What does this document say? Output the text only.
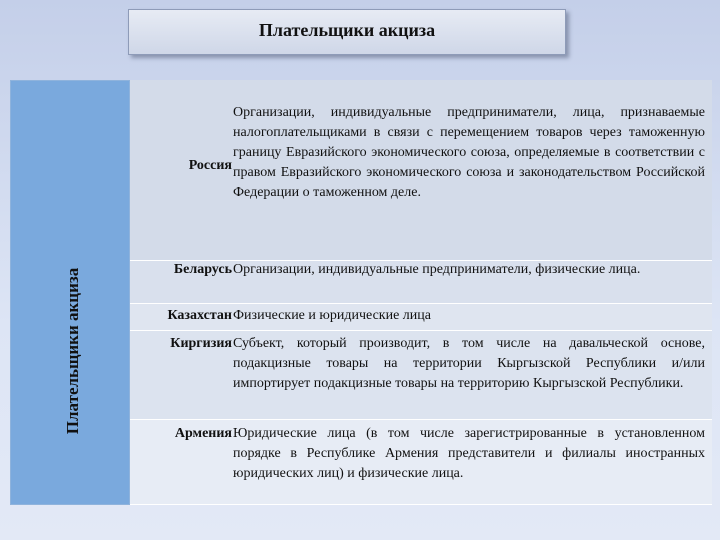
Плательщики акциза
Плательщики акциза
Россия
Организации, индивидуальные предприниматели, лица, признаваемые налогоплательщиками в связи с перемещением товаров через таможенную границу Евразийского экономического союза, определяемые в соответствии с правом Евразийского экономического союза и законодательством Российской Федерации о таможенном деле.
Беларусь Организации, индивидуальные предприниматели, физические лица.
Казахстан Физические и юридические лица
Киргизия Субъект, который производит, в том числе на давальческой основе, подакцизные товары на территории Кыргызской Республики и/или импортирует подакцизные товары на территорию Кыргызской Республики.
Армения Юридические лица (в том числе зарегистрированные в установленном порядке в Республике Армения представители и филиалы иностранных юридических лиц) и физические лица.
